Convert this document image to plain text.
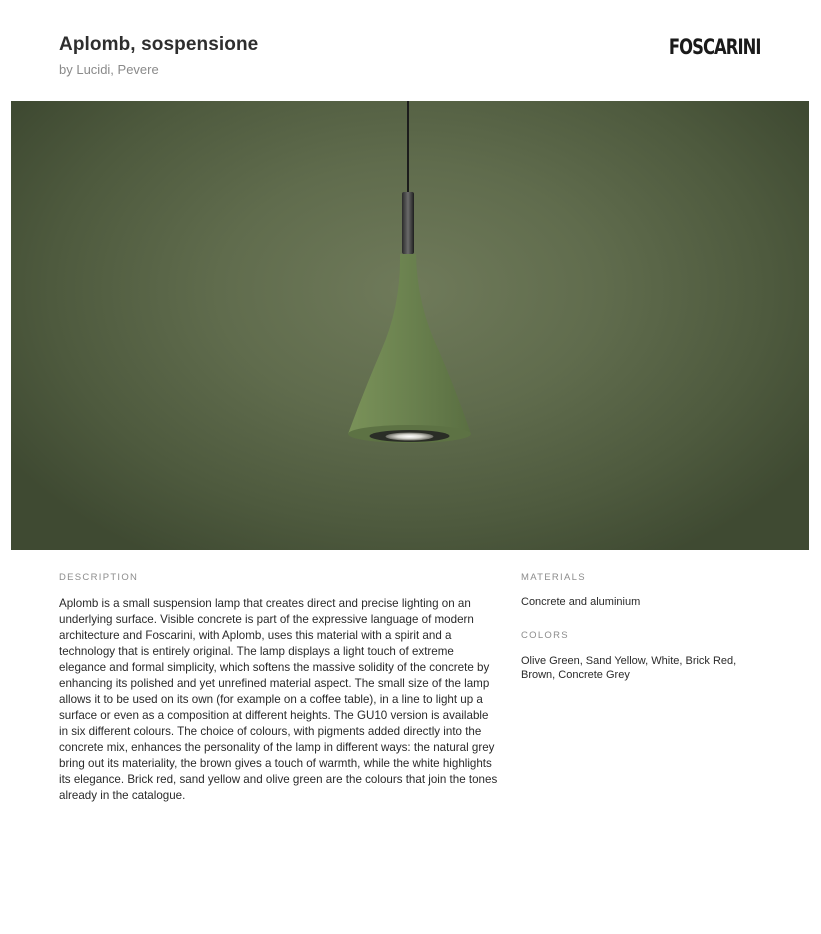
Aplomb, sospensione
by Lucidi, Pevere
FOSCARINI

DESCRIPTION

Aplomb is a small suspension lamp that creates direct and precise lighting on an underlying surface. Visible concrete is part of the expressive language of modern architecture and Foscarini, with Aplomb, uses this material with a spirit and a technology that is entirely original. The lamp displays a light touch of extreme elegance and formal simplicity, which softens the massive solidity of the concrete by enhancing its polished and yet unrefined material aspect. The small size of the lamp allows it to be used on its own (for example on a coffee table), in a line to light up a surface or even as a composition at different heights. The GU10 version is available in six different colours. The choice of colours, with pigments added directly into the concrete mix, enhances the personality of the lamp in different ways: the natural grey bring out its materiality, the brown gives a touch of warmth, while the white highlights its elegance. Brick red, sand yellow and olive green are the colours that join the tones already in the catalogue.

MATERIALS

Concrete and aluminium

COLORS

Olive Green, Sand Yellow, White, Brick Red, Brown, Concrete Grey
